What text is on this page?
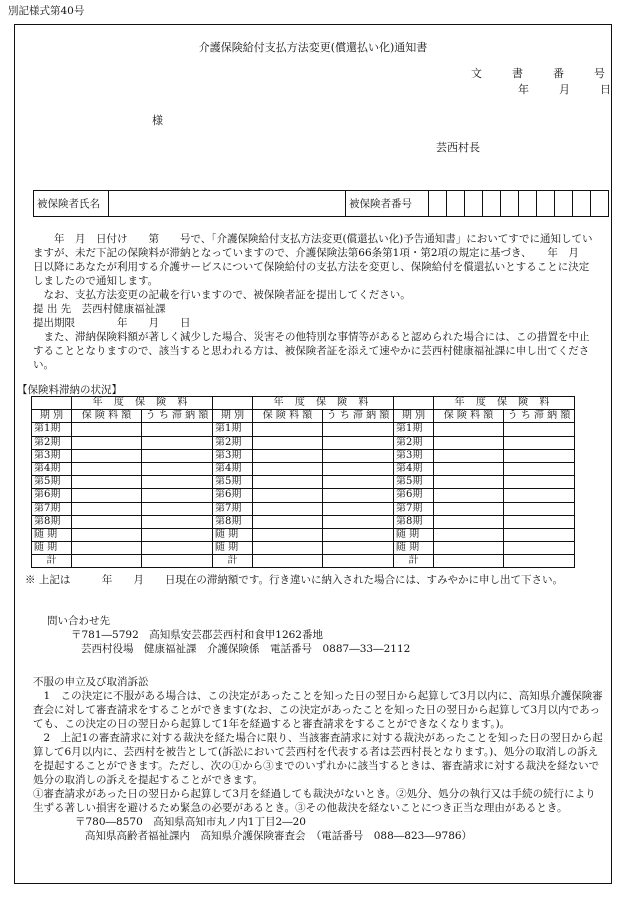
別記様式第40号
介護保険給付支払方法変更(償還払い化)通知書
文	書	番	号
年	月	日
様
芸西村長
被保険者氏名		被保険者番号										
　　年　月　日付け　　第　　号で、「介護保険給付支払方法変更(償還払い化)予告通知書」においてすでに通知していますが、未だ下記の保険料が滞納となっていますので、介護保険法第66条第1項・第2項の規定に基づき、　　年　月　日以降にあなたが利用する介護サービスについて保険給付の支払方法を変更し、保険給付を償還払いとすることに決定しましたので通知します。
　なお、支払方法変更の記載を行いますので、被保険者証を提出してください。
提 出 先　芸西村健康福祉課
提出期限　　　　年　　月　　日
　また、滞納保険料額が著しく減少した場合、災害その他特別な事情等があると認められた場合には、この措置を中止することとなりますので、該当すると思われる方は、被保険者証を添えて速やかに芸西村健康福祉課に申し出てください。
【保険料滞納の状況】
	年 度 保 険 料			年 度 保 険 料			年 度 保 険 料	
期 別	保 険 料 額	う ち 滞 納 額	期 別	保 険 料 額	う ち 滞 納 額	期 別	保 険 料 額	う ち 滞 納 額
第1期			第1期			第1期		
第2期			第2期			第2期		
第3期			第3期			第3期		
第4期			第4期			第4期		
第5期			第5期			第5期		
第6期			第6期			第6期		
第7期			第7期			第7期		
第8期			第8期			第8期		
随 期			随 期			随 期		
随 期			随 期			随 期		
計			計			計		
※ 上記は　　　年　　月　　日現在の滞納額です。行き違いに納入された場合には、すみやかに申し出て下さい。
問い合わせ先
〒781―5792　高知県安芸郡芸西村和食甲1262番地
芸西村役場　健康福祉課　介護保険係　電話番号　0887―33―2112
不服の申立及び取消訴訟
　1　この決定に不服がある場合は、この決定があったことを知った日の翌日から起算して3月以内に、高知県介護保険審査会に対して審査請求をすることができます(なお、この決定があったことを知った日の翌日から起算して3月以内であっても、この決定の日の翌日から起算して1年を経過すると審査請求をすることができなくなります。)。
　2　上記1の審査請求に対する裁決を経た場合に限り、当該審査請求に対する裁決があったことを知った日の翌日から起算して6月以内に、芸西村を被告として(訴訟において芸西村を代表する者は芸西村長となります。)、処分の取消しの訴えを提起することができます。ただし、次の①から③までのいずれかに該当するときは、審査請求に対する裁決を経ないで処分の取消しの訴えを提起することができます。
①審査請求があった日の翌日から起算して3月を経過しても裁決がないとき。②処分、処分の執行又は手続の続行により生ずる著しい損害を避けるため緊急の必要があるとき。③その他裁決を経ないことにつき正当な理由があるとき。
〒780―8570　高知県高知市丸ノ内1丁目2―20
高知県高齢者福祉課内　高知県介護保険審査会　（電話番号　088―823―9786）
